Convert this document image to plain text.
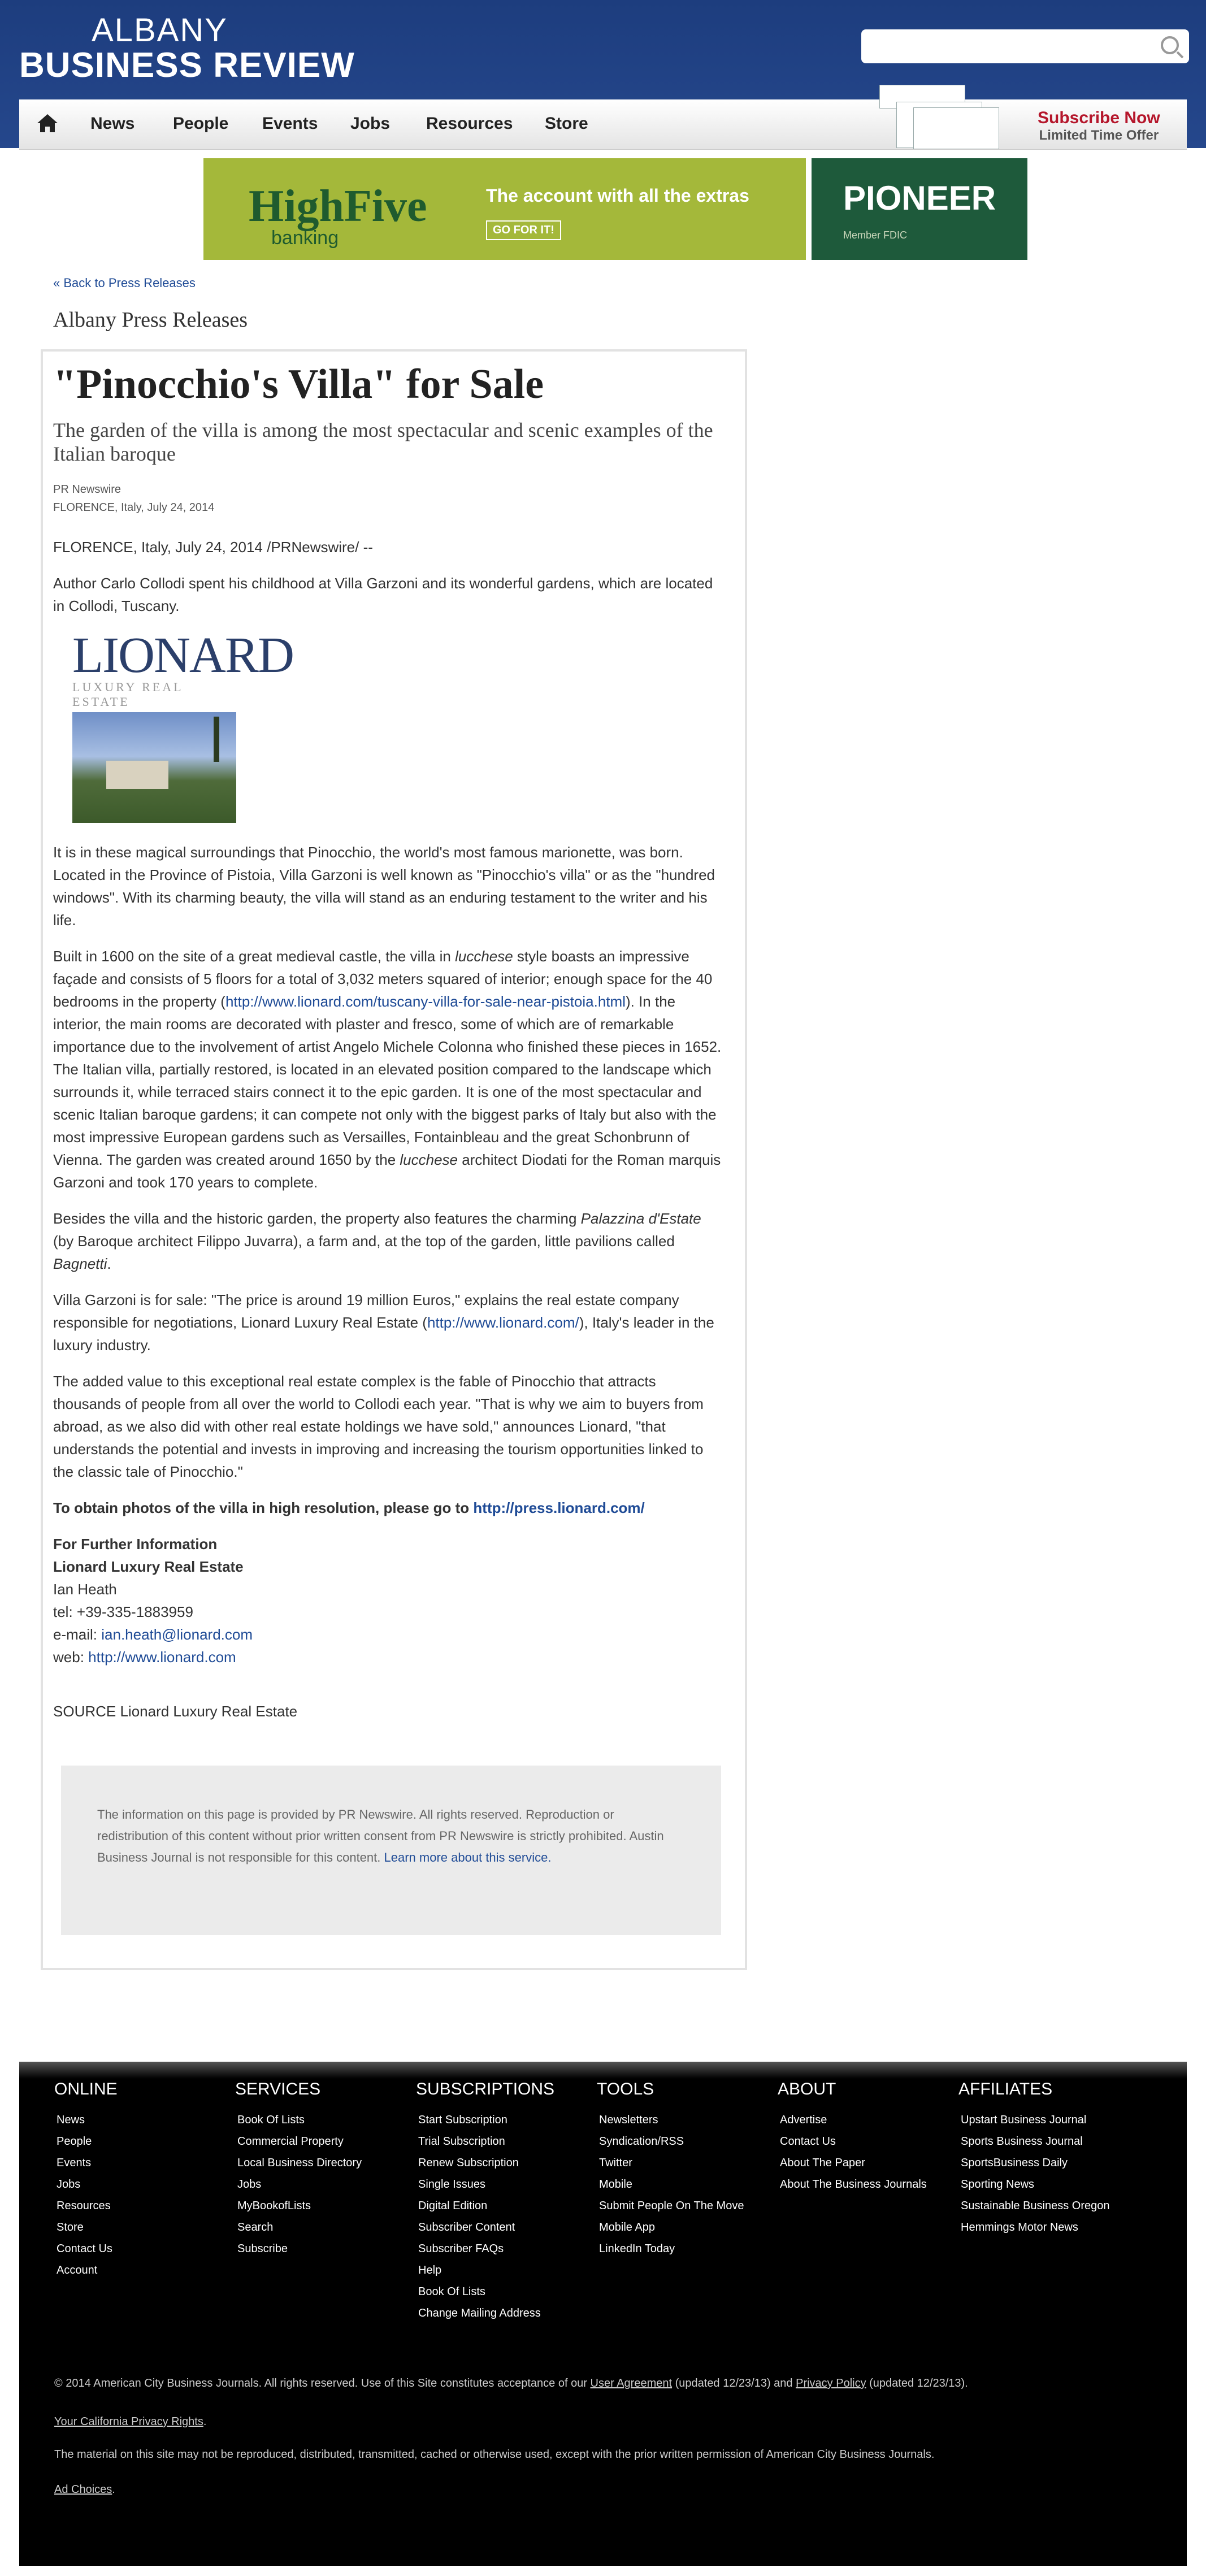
ALBANY
BUSINESS REVIEW
News People Events Jobs Resources Store	Subscribe Now
Limited Time Offer
HighFive
banking
The account with all the extras
GO FOR IT!
PIONEER
Member FDIC
« Back to Press Releases
Albany Press Releases
"Pinocchio's Villa" for Sale
The garden of the villa is among the most spectacular and scenic examples of the Italian baroque
PR Newswire
FLORENCE, Italy, July 24, 2014

FLORENCE, Italy, July 24, 2014 /PRNewswire/ --

Author Carlo Collodi spent his childhood at Villa Garzoni and its wonderful gardens, which are located in Collodi, Tuscany.

LIONARD
LUXURY REAL ESTATE

It is in these magical surroundings that Pinocchio, the world's most famous marionette, was born. Located in the Province of Pistoia, Villa Garzoni is well known as "Pinocchio's villa" or as the "hundred windows". With its charming beauty, the villa will stand as an enduring testament to the writer and his life.

Built in 1600 on the site of a great medieval castle, the villa in lucchese style boasts an impressive façade and consists of 5 floors for a total of 3,032 meters squared of interior; enough space for the 40 bedrooms in the property (http://www.lionard.com/tuscany-villa-for-sale-near-pistoia.html). In the interior, the main rooms are decorated with plaster and fresco, some of which are of remarkable importance due to the involvement of artist Angelo Michele Colonna who finished these pieces in 1652. The Italian villa, partially restored, is located in an elevated position compared to the landscape which surrounds it, while terraced stairs connect it to the epic garden. It is one of the most spectacular and scenic Italian baroque gardens; it can compete not only with the biggest parks of Italy but also with the most impressive European gardens such as Versailles, Fontainbleau and the great Schonbrunn of Vienna. The garden was created around 1650 by the lucchese architect Diodati for the Roman marquis Garzoni and took 170 years to complete.

Besides the villa and the historic garden, the property also features the charming Palazzina d'Estate (by Baroque architect Filippo Juvarra), a farm and, at the top of the garden, little pavilions called Bagnetti.

Villa Garzoni is for sale: "The price is around 19 million Euros," explains the real estate company responsible for negotiations, Lionard Luxury Real Estate (http://www.lionard.com/), Italy's leader in the luxury industry.

The added value to this exceptional real estate complex is the fable of Pinocchio that attracts thousands of people from all over the world to Collodi each year. "That is why we aim to buyers from abroad, as we also did with other real estate holdings we have sold," announces Lionard, "that understands the potential and invests in improving and increasing the tourism opportunities linked to the classic tale of Pinocchio."

To obtain photos of the villa in high resolution, please go to http://press.lionard.com/

For Further Information
Lionard Luxury Real Estate
Ian Heath
tel: +39-335-1883959
e-mail: ian.heath@lionard.com
web: http://www.lionard.com

SOURCE Lionard Luxury Real Estate

The information on this page is provided by PR Newswire. All rights reserved. Reproduction or redistribution of this content without prior written consent from PR Newswire is strictly prohibited. Austin Business Journal is not responsible for this content. Learn more about this service.

ONLINE
News
People
Events
Jobs
Resources
Store
Contact Us
Account
SERVICES
Book Of Lists
Commercial Property
Local Business Directory
Jobs
MyBookofLists
Search
Subscribe
SUBSCRIPTIONS
Start Subscription
Trial Subscription
Renew Subscription
Single Issues
Digital Edition
Subscriber Content
Subscriber FAQs
Help
Book Of Lists
Change Mailing Address
TOOLS
Newsletters
Syndication/RSS
Twitter
Mobile
Submit People On The Move
Mobile App
LinkedIn Today
ABOUT
Advertise
Contact Us
About The Paper
About The Business Journals
AFFILIATES
Upstart Business Journal
Sports Business Journal
SportsBusiness Daily
Sporting News
Sustainable Business Oregon
Hemmings Motor News
© 2014 American City Business Journals. All rights reserved. Use of this Site constitutes acceptance of our User Agreement (updated 12/23/13) and Privacy Policy (updated 12/23/13).
Your California Privacy Rights.
The material on this site may not be reproduced, distributed, transmitted, cached or otherwise used, except with the prior written permission of American City Business Journals.
Ad Choices.
